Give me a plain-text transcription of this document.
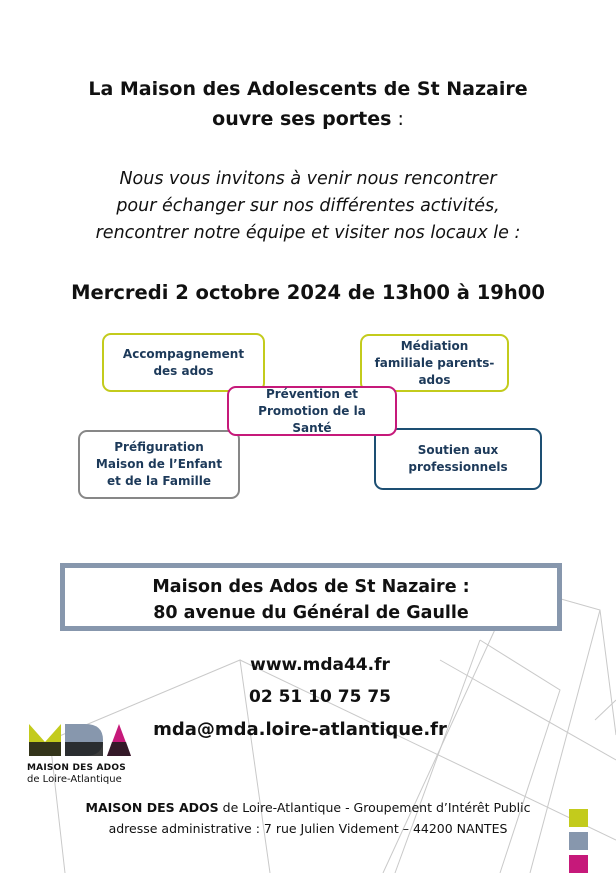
La Maison des Adolescents de St Nazaire
ouvre ses portes :
Nous vous invitons à venir nous rencontrer
pour échanger sur nos différentes activités,
rencontrer notre équipe et visiter nos locaux le :
Mercredi 2 octobre 2024 de 13h00 à 19h00
Accompagnement des ados
Médiation familiale parents-ados
Préfiguration Maison de l’Enfant et de la Famille
Soutien aux professionnels
Prévention et Promotion de la Santé
Maison des Ados de St Nazaire :
80 avenue du Général de Gaulle
www.mda44.fr
02 51 10 75 75
mda@mda.loire-atlantique.fr
MAISON DES ADOS
de Loire-Atlantique
MAISON DES ADOS de Loire-Atlantique - Groupement d’Intérêt Public
adresse administrative : 7 rue Julien Videment – 44200 NANTES
